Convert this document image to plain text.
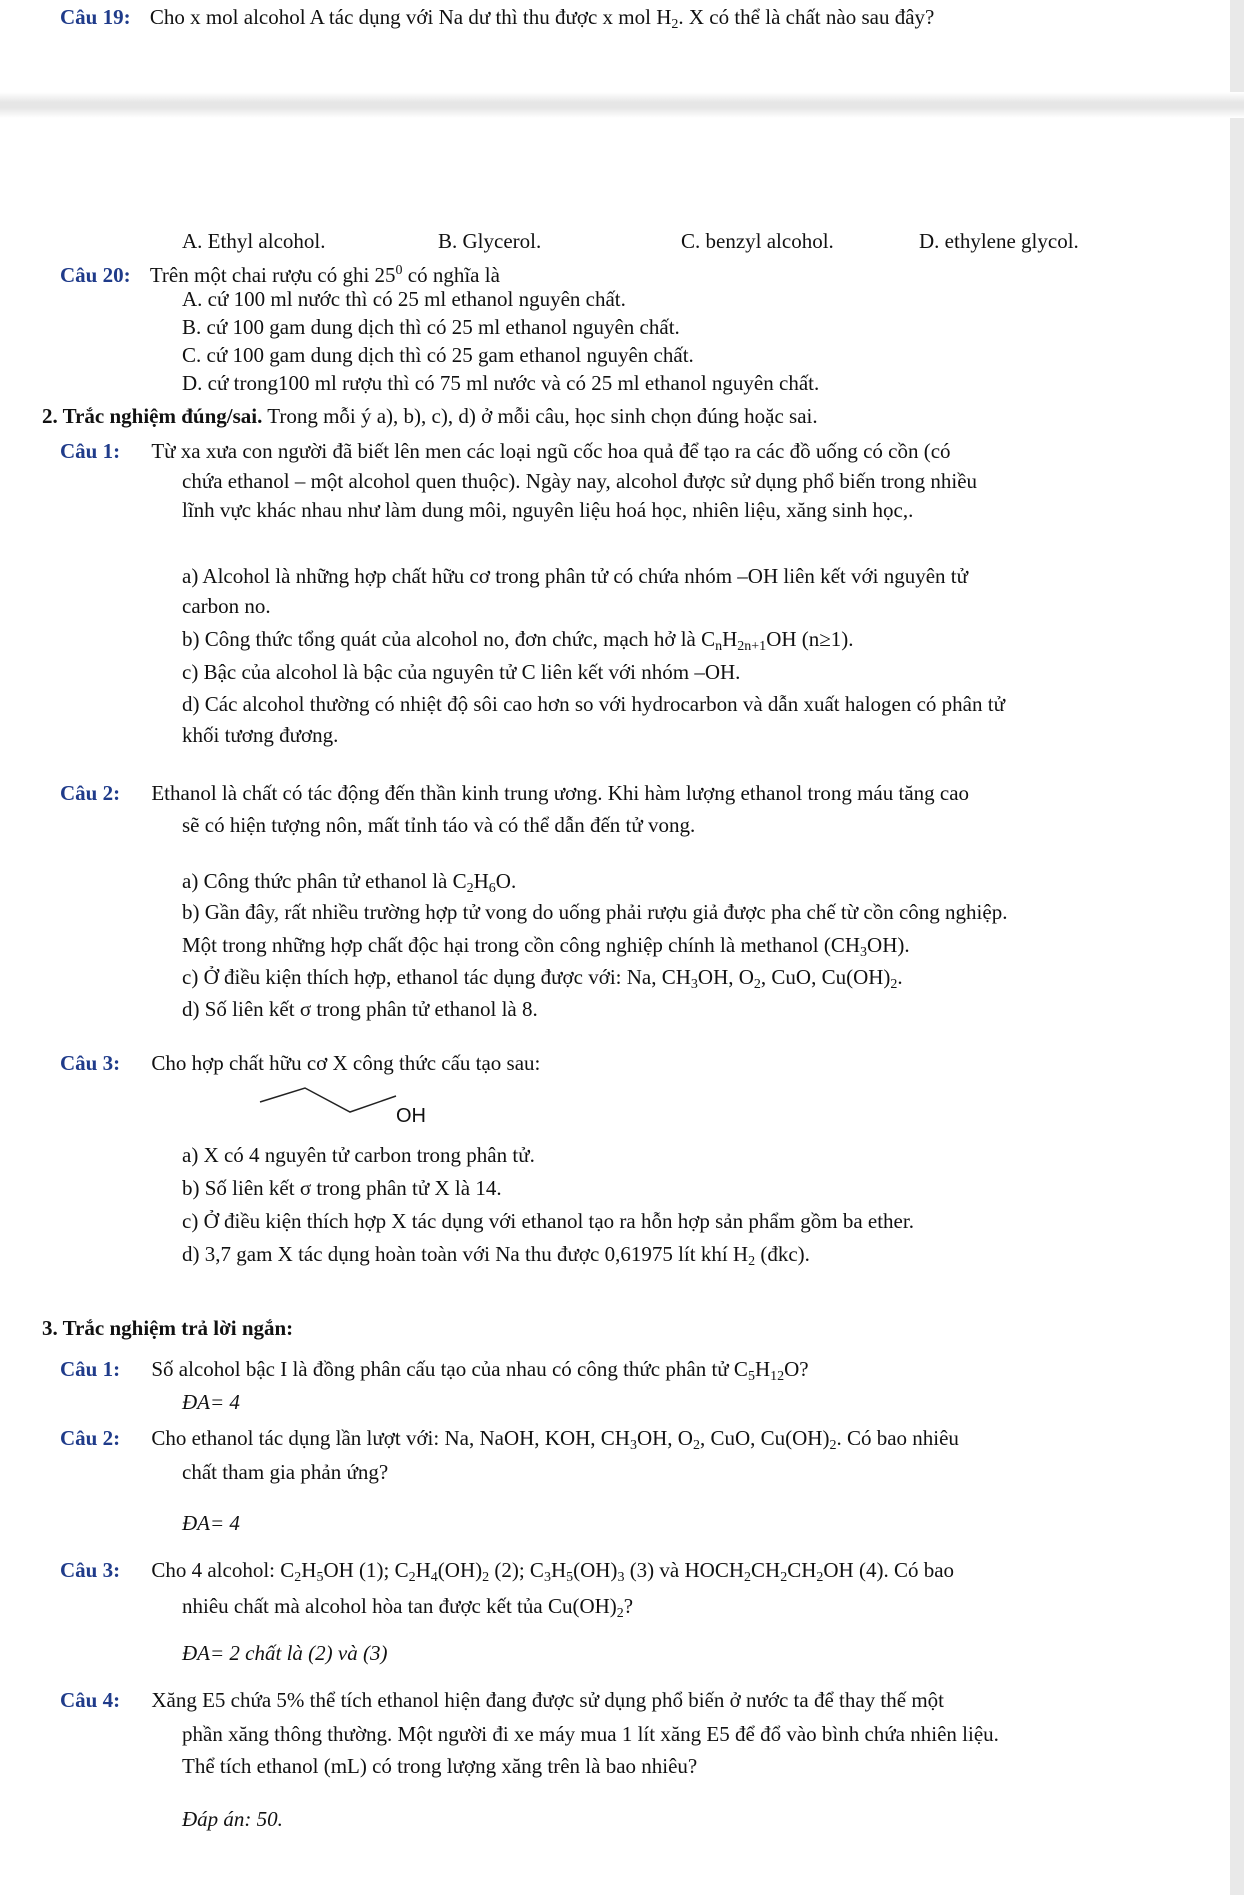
Câu 19: Cho x mol alcohol A tác dụng với Na dư thì thu được x mol $H_2$. X có thể là chất nào sau đây?
A. Ethyl alcohol.	B. Glycerol.	C. benzyl alcohol.	D. ethylene glycol.
Câu 20: Trên một chai rượu có ghi $25^0$ có nghĩa là
A. cứ 100 ml nước thì có 25 ml ethanol nguyên chất.
B. cứ 100 gam dung dịch thì có 25 ml ethanol nguyên chất.
C. cứ 100 gam dung dịch thì có 25 gam ethanol nguyên chất.
D. cứ trong100 ml rượu thì có 75 ml nước và có 25 ml ethanol nguyên chất.
2. Trắc nghiệm đúng/sai. Trong mỗi ý a), b), c), d) ở mỗi câu, học sinh chọn đúng hoặc sai.
Câu 1: Từ xa xưa con người đã biết lên men các loại ngũ cốc hoa quả để tạo ra các đồ uống có cồn (có
chứa ethanol – một alcohol quen thuộc). Ngày nay, alcohol được sử dụng phổ biến trong nhiều
lĩnh vực khác nhau như làm dung môi, nguyên liệu hoá học, nhiên liệu, xăng sinh học,.
a) Alcohol là những hợp chất hữu cơ trong phân tử có chứa nhóm –OH liên kết với nguyên tử
carbon no.
b) Công thức tổng quát của alcohol no, đơn chức, mạch hở là $C_nH_{2n+1}OH$ (n≥1).
c) Bậc của alcohol là bậc của nguyên tử C liên kết với nhóm –OH.
d) Các alcohol thường có nhiệt độ sôi cao hơn so với hydrocarbon và dẫn xuất halogen có phân tử
khối tương đương.
Câu 2: Ethanol là chất có tác động đến thần kinh trung ương. Khi hàm lượng ethanol trong máu tăng cao
sẽ có hiện tượng nôn, mất tỉnh táo và có thể dẫn đến tử vong.
a) Công thức phân tử ethanol là $C_2H_6O$.
b) Gần đây, rất nhiều trường hợp tử vong do uống phải rượu giả được pha chế từ cồn công nghiệp.
Một trong những hợp chất độc hại trong cồn công nghiệp chính là methanol $(CH_3OH)$.
c) Ở điều kiện thích hợp, ethanol tác dụng được với: Na, $CH_3OH$, $O_2$, CuO, $Cu(OH)_2$.
d) Số liên kết σ trong phân tử ethanol là 8.
Câu 3: Cho hợp chất hữu cơ X công thức cấu tạo sau:
OH
a) X có 4 nguyên tử carbon trong phân tử.
b) Số liên kết σ trong phân tử X là 14.
c) Ở điều kiện thích hợp X tác dụng với ethanol tạo ra hỗn hợp sản phẩm gồm ba ether.
d) 3,7 gam X tác dụng hoàn toàn với Na thu được 0,61975 lít khí $H_2$ (đkc).
3. Trắc nghiệm trả lời ngắn:
Câu 1: Số alcohol bậc I là đồng phân cấu tạo của nhau có công thức phân tử $C_5H_{12}O$?
ĐA= 4
Câu 2: Cho ethanol tác dụng lần lượt với: Na, NaOH, KOH, $CH_3OH$, $O_2$, CuO, $Cu(OH)_2$. Có bao nhiêu
chất tham gia phản ứng?
ĐA= 4
Câu 3: Cho 4 alcohol: $C_2H_5OH$ (1); $C_2H_4(OH)_2$ (2); $C_3H_5(OH)_3$ (3) và $HOCH_2CH_2CH_2OH$ (4). Có bao
nhiêu chất mà alcohol hòa tan được kết tủa $Cu(OH)_2$?
ĐA= 2 chất là (2) và (3)
Câu 4: Xăng E5 chứa 5% thể tích ethanol hiện đang được sử dụng phổ biến ở nước ta để thay thế một
phần xăng thông thường. Một người đi xe máy mua 1 lít xăng E5 để đổ vào bình chứa nhiên liệu.
Thể tích ethanol (mL) có trong lượng xăng trên là bao nhiêu?
Đáp án: 50.
